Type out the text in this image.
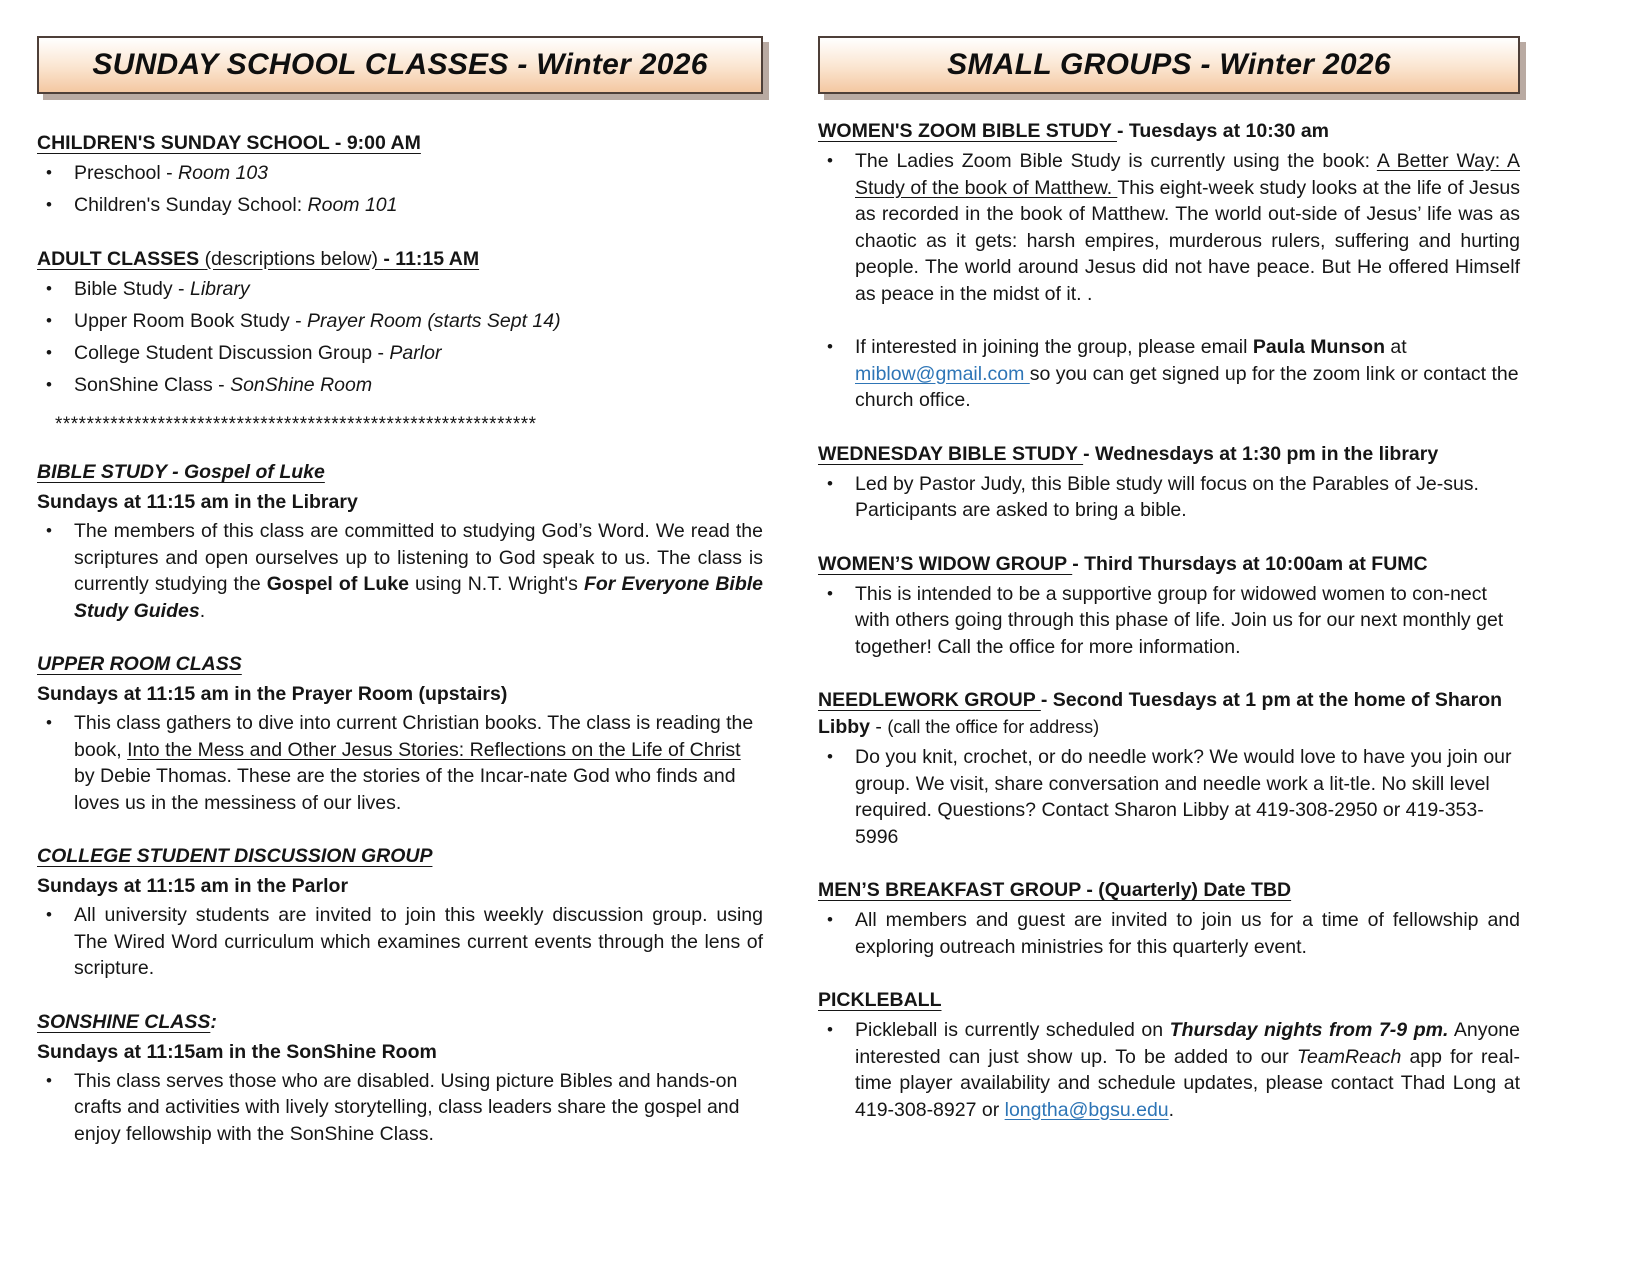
SUNDAY SCHOOL CLASSES - Winter 2026
CHILDREN'S SUNDAY SCHOOL - 9:00 AM
•	Preschool - Room 103
•	Children's Sunday School: Room 101
ADULT CLASSES (descriptions below) - 11:15 AM
•	Bible Study - Library
•	Upper Room Book Study - Prayer Room (starts Sept 14)
•	College Student Discussion Group - Parlor
•	SonShine Class - SonShine Room
*************************************************************
BIBLE STUDY - Gospel of Luke
Sundays at 11:15 am in the Library
•	The members of this class are committed to studying God’s Word. We read the scriptures and open ourselves up to listening to God speak to us. The class is currently studying the Gospel of Luke using N.T. Wright's For Everyone Bible Study Guides.
UPPER ROOM CLASS
Sundays at 11:15 am in the Prayer Room (upstairs)
•	This class gathers to dive into current Christian books. The class is reading the book, Into the Mess and Other Jesus Stories: Reflections on the Life of Christ by Debie Thomas. These are the stories of the Incar-nate God who finds and loves us in the messiness of our lives.
COLLEGE STUDENT DISCUSSION GROUP
Sundays at 11:15 am in the Parlor
•	All university students are invited to join this weekly discussion group. using The Wired Word curriculum which examines current events through the lens of scripture.
SONSHINE CLASS:
Sundays at 11:15am in the SonShine Room
•	This class serves those who are disabled. Using picture Bibles and hands-on crafts and activities with lively storytelling, class leaders share the gospel and enjoy fellowship with the SonShine Class.
SMALL GROUPS - Winter 2026
WOMEN'S ZOOM BIBLE STUDY - Tuesdays at 10:30 am
•	The Ladies Zoom Bible Study is currently using the book: A Better Way: A Study of the book of Matthew. This eight-week study looks at the life of Jesus as recorded in the book of Matthew. The world out-side of Jesus’ life was as chaotic as it gets: harsh empires, murderous rulers, suffering and hurting people. The world around Jesus did not have peace. But He offered Himself as peace in the midst of it. .
•	If interested in joining the group, please email Paula Munson at miblow@gmail.com so you can get signed up for the zoom link or contact the church office.
WEDNESDAY BIBLE STUDY - Wednesdays at 1:30 pm in the library
•	Led by Pastor Judy, this Bible study will focus on the Parables of Je-sus. Participants are asked to bring a bible.
WOMEN’S WIDOW GROUP - Third Thursdays at 10:00am at FUMC
•	This is intended to be a supportive group for widowed women to con-nect with others going through this phase of life. Join us for our next monthly get together! Call the office for more information.
NEEDLEWORK GROUP - Second Tuesdays at 1 pm at the home of Sharon Libby - (call the office for address)
•	Do you knit, crochet, or do needle work? We would love to have you join our group. We visit, share conversation and needle work a lit-tle. No skill level required. Questions? Contact Sharon Libby at 419-308-2950 or 419-353-5996
MEN’S BREAKFAST GROUP - (Quarterly) Date TBD
•	All members and guest are invited to join us for a time of fellowship and exploring outreach ministries for this quarterly event.
PICKLEBALL
•	Pickleball is currently scheduled on Thursday nights from 7-9 pm. Anyone interested can just show up. To be added to our TeamReach app for real-time player availability and schedule updates, please contact Thad Long at 419-308-8927 or longtha@bgsu.edu.
